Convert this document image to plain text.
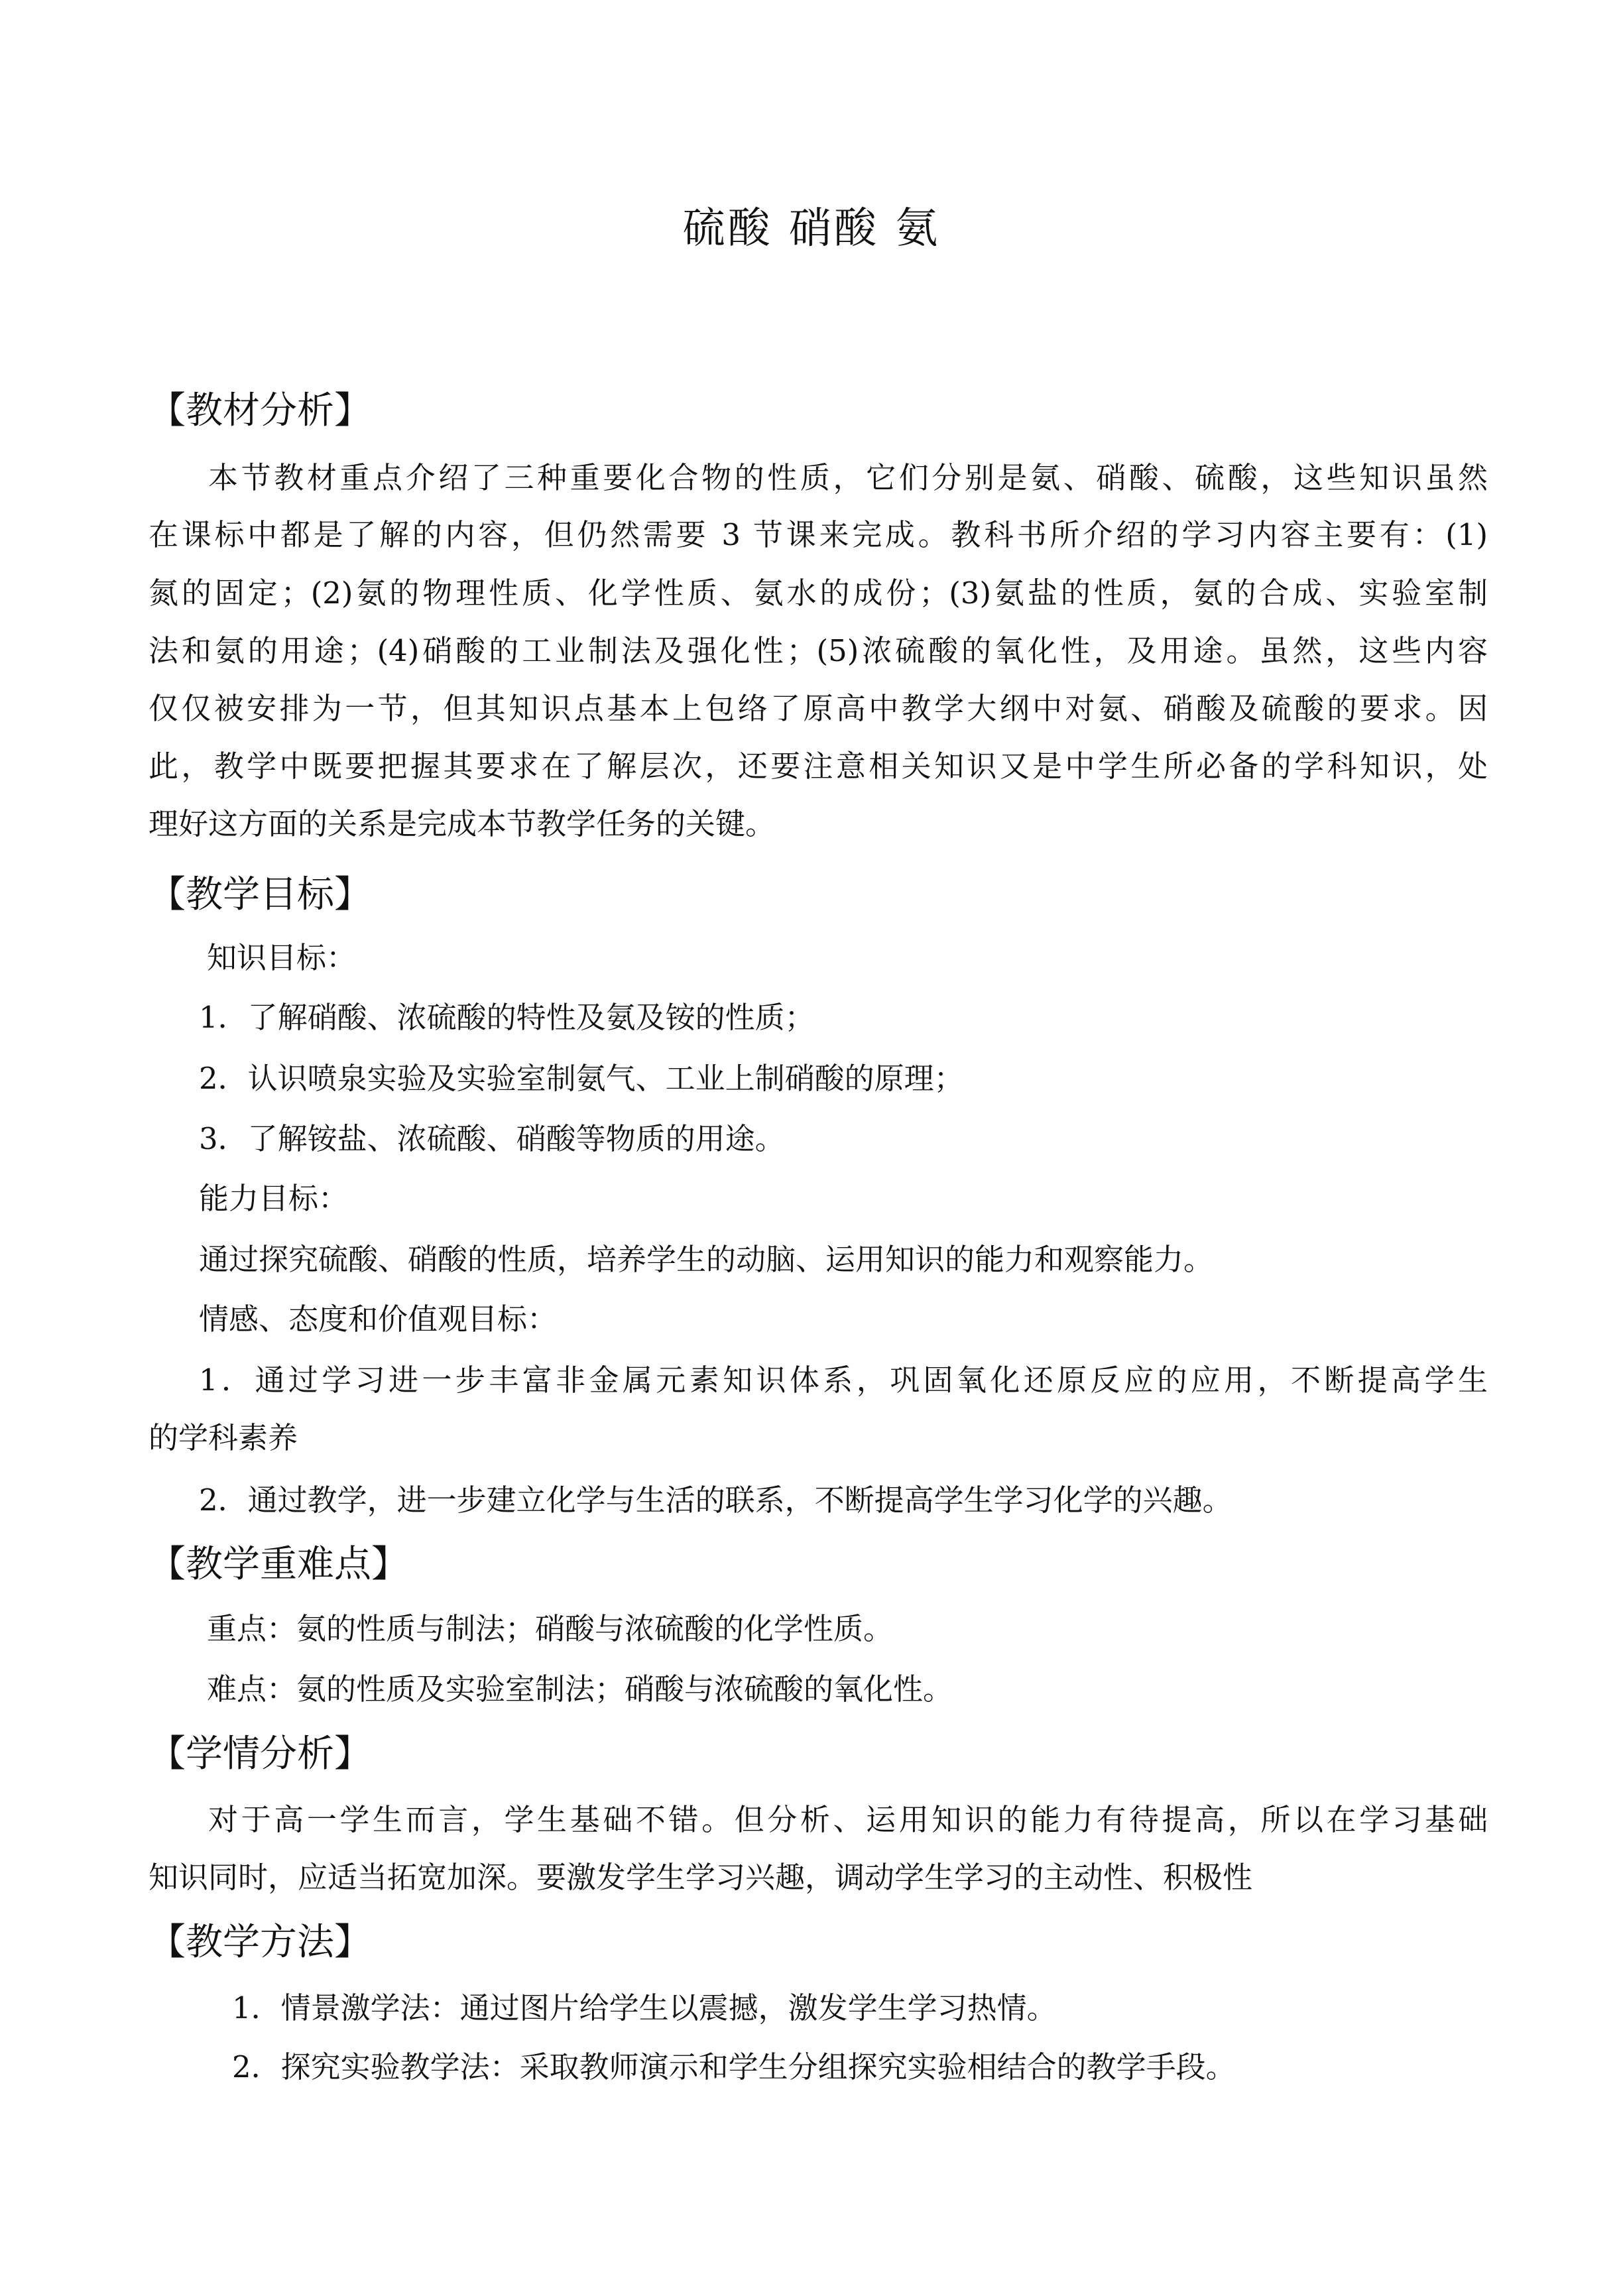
硫酸 硝酸 氨
【教材分析】
本节教材重点介绍了三种重要化合物的性质，它们分别是氨、硝酸、硫酸，这些知识虽然
在课标中都是了解的内容，但仍然需要 3 节课来完成。教科书所介绍的学习内容主要有：(1)
氮的固定；(2)氨的物理性质、化学性质、氨水的成份；(3)氨盐的性质，氨的合成、实验室制
法和氨的用途；(4)硝酸的工业制法及强化性；(5)浓硫酸的氧化性，及用途。虽然，这些内容
仅仅被安排为一节，但其知识点基本上包络了原高中教学大纲中对氨、硝酸及硫酸的要求。因
此，教学中既要把握其要求在了解层次，还要注意相关知识又是中学生所必备的学科知识，处
理好这方面的关系是完成本节教学任务的关键。
【教学目标】
知识目标：
1．了解硝酸、浓硫酸的特性及氨及铵的性质；
2．认识喷泉实验及实验室制氨气、工业上制硝酸的原理；
3．了解铵盐、浓硫酸、硝酸等物质的用途。
能力目标：
通过探究硫酸、硝酸的性质，培养学生的动脑、运用知识的能力和观察能力。
情感、态度和价值观目标：
1．通过学习进一步丰富非金属元素知识体系，巩固氧化还原反应的应用，不断提高学生
的学科素养
2．通过教学，进一步建立化学与生活的联系，不断提高学生学习化学的兴趣。
【教学重难点】
重点：氨的性质与制法；硝酸与浓硫酸的化学性质。
难点：氨的性质及实验室制法；硝酸与浓硫酸的氧化性。
【学情分析】
对于高一学生而言，学生基础不错。但分析、运用知识的能力有待提高，所以在学习基础
知识同时，应适当拓宽加深。要激发学生学习兴趣，调动学生学习的主动性、积极性
【教学方法】
1．情景激学法：通过图片给学生以震撼，激发学生学习热情。
2．探究实验教学法：采取教师演示和学生分组探究实验相结合的教学手段。
